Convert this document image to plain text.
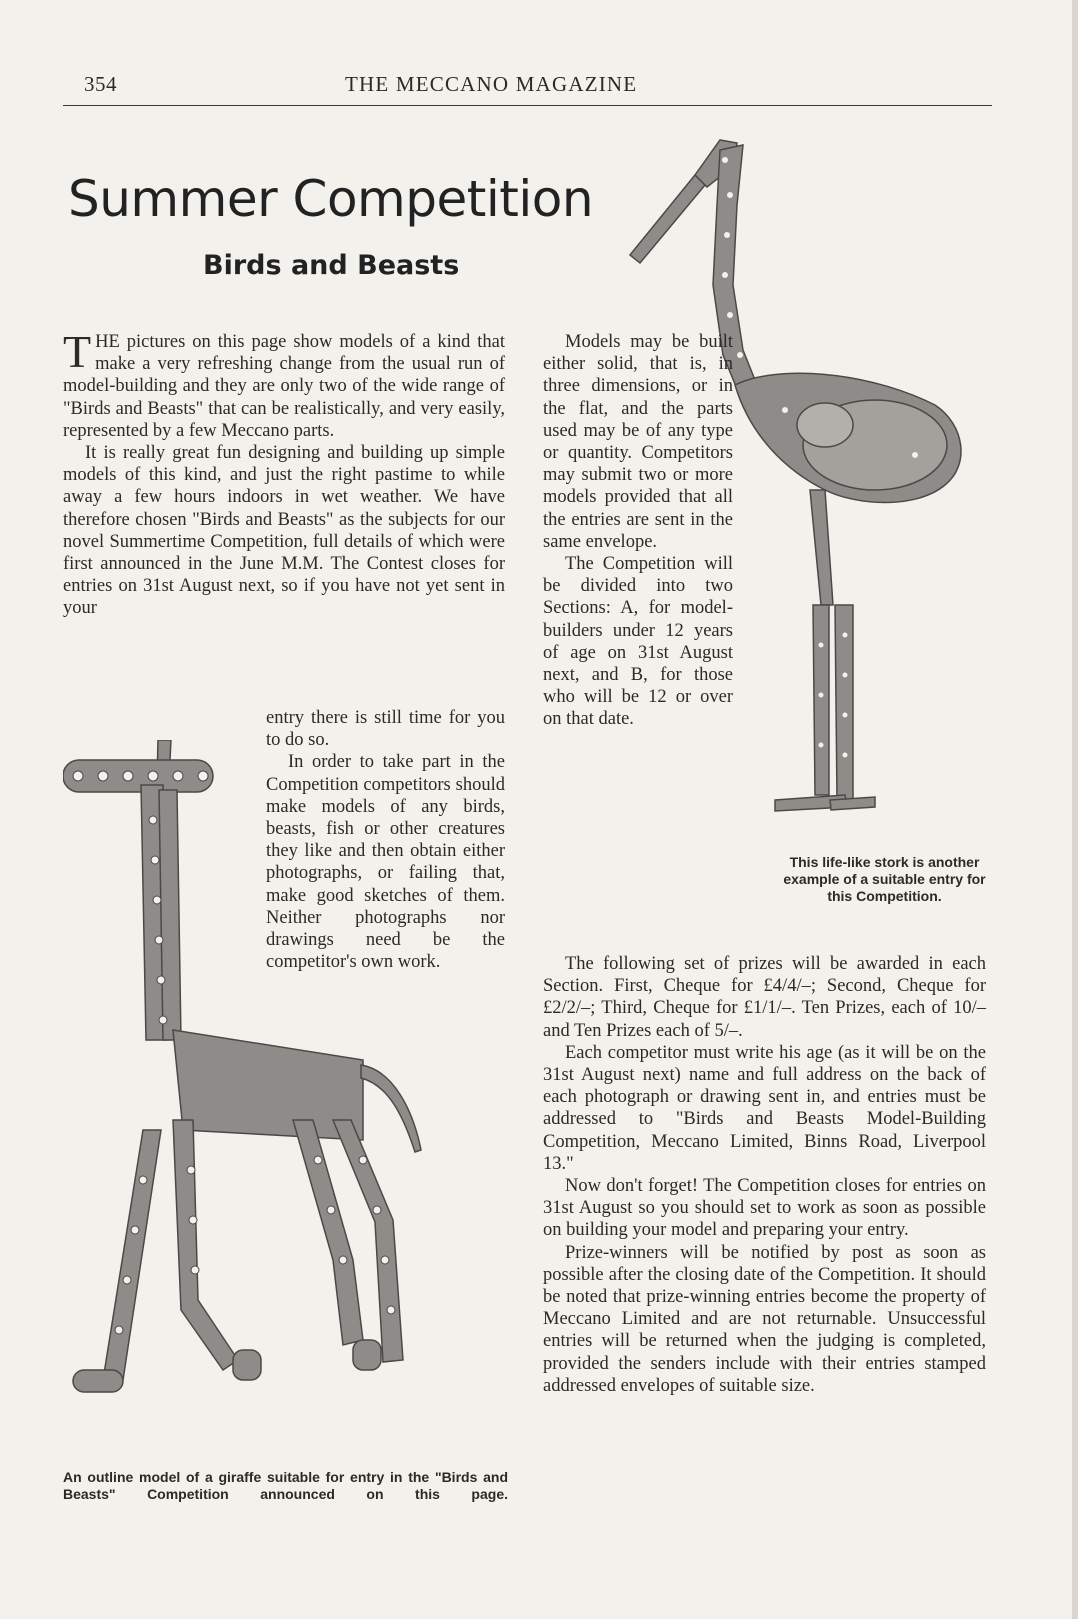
354	THE MECCANO MAGAZINE
Summer Competition
Birds and Beasts

THE pictures on this page show models of a kind that make a very refreshing change from the usual run of model-building and they are only two of the wide range of "Birds and Beasts" that can be realistically, and very easily, represented by a few Meccano parts.

It is really great fun designing and building up simple models of this kind, and just the right pastime to while away a few hours indoors in wet weather. We have therefore chosen "Birds and Beasts" as the subjects for our novel Summertime Competition, full details of which were first announced in the June M.M. The Contest closes for entries on 31st August next, so if you have not yet sent in your

entry there is still time for you to do so.

In order to take part in the Competition competitors should make models of any birds, beasts, fish or other creatures they like and then obtain either photographs, or failing that, make good sketches of them. Neither photographs nor drawings need be the competitor's own work.

Models may be built either solid, that is, in three dimensions, or in the flat, and the parts used may be of any type or quantity. Competitors may submit two or more models provided that all the entries are sent in the same envelope.

The Competition will be divided into two Sections: A, for model-builders under 12 years of age on 31st August next, and B, for those who will be 12 or over on that date.

The following set of prizes will be awarded in each Section. First, Cheque for £4/4/–; Second, Cheque for £2/2/–; Third, Cheque for £1/1/–. Ten Prizes, each of 10/– and Ten Prizes each of 5/–.

Each competitor must write his age (as it will be on the 31st August next) name and full address on the back of each photograph or drawing sent in, and entries must be addressed to "Birds and Beasts Model-Building Competition, Meccano Limited, Binns Road, Liverpool 13."

Now don't forget! The Competition closes for entries on 31st August so you should set to work as soon as possible on building your model and preparing your entry.

Prize-winners will be notified by post as soon as possible after the closing date of the Competition. It should be noted that prize-winning entries become the property of Meccano Limited and are not returnable. Unsuccessful entries will be returned when the judging is completed, provided the senders include with their entries stamped addressed envelopes of suitable size.

This life-like stork is another example of a suitable entry for this Competition.
An outline model of a giraffe suitable for entry in the "Birds and Beasts" Competition announced on this page.
